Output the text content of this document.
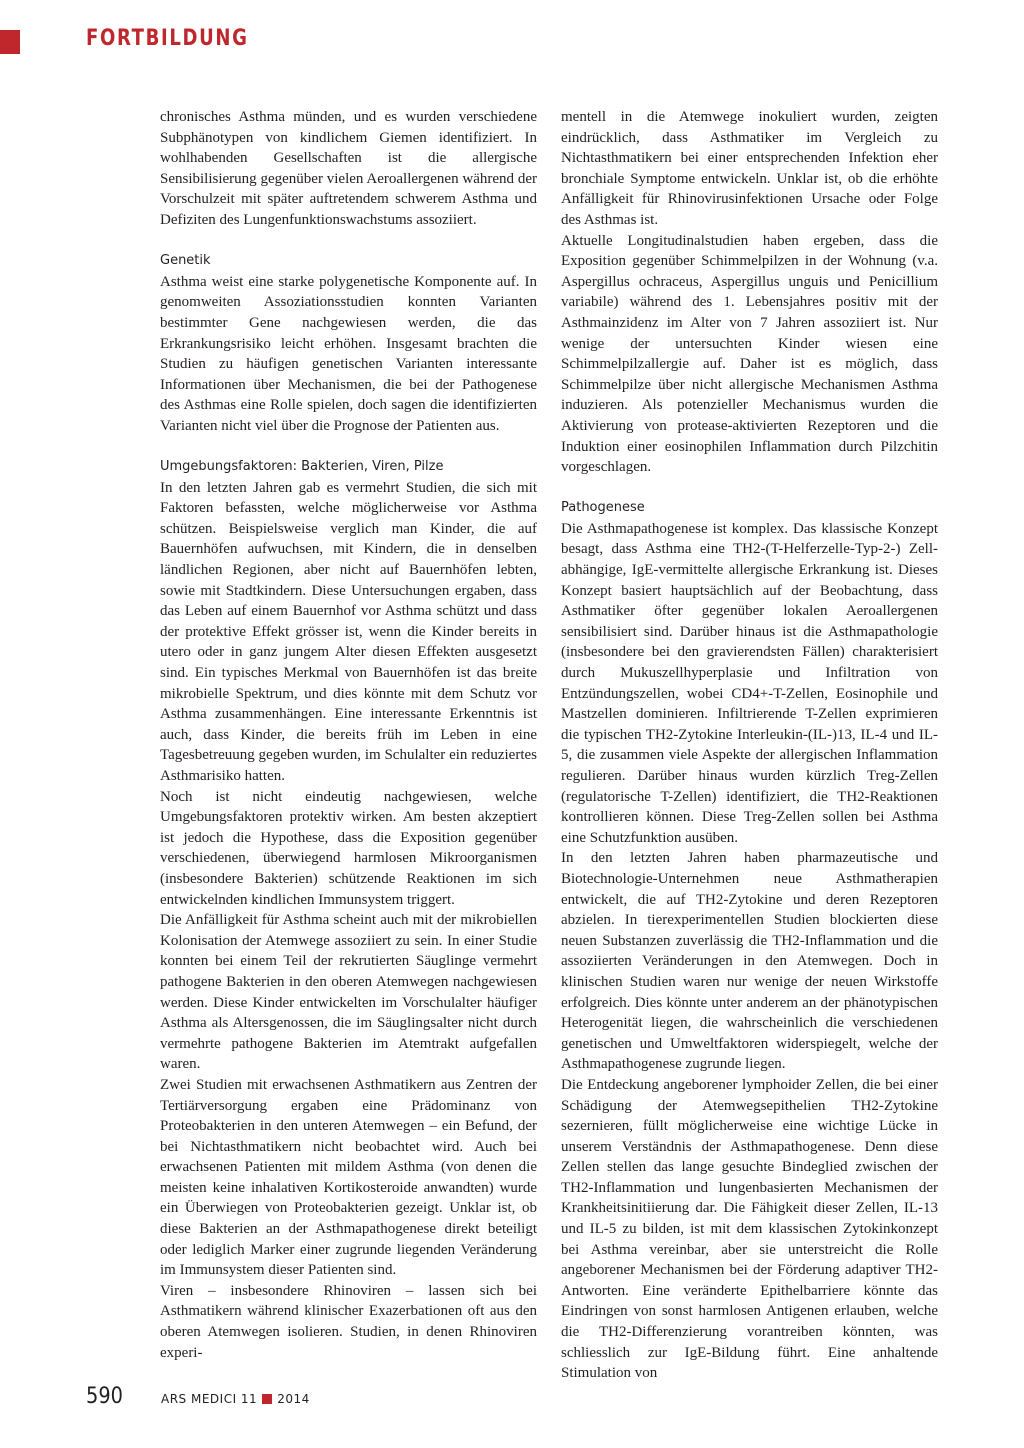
FORTBILDUNG

chronisches Asthma münden, und es wurden verschiedene Subphänotypen von kindlichem Giemen identifiziert. In wohlhabenden Gesellschaften ist die allergische Sensibilisierung gegenüber vielen Aeroallergenen während der Vorschulzeit mit später auftretendem schwerem Asthma und Defiziten des Lungenfunktionswachstums assoziiert.

Genetik

Asthma weist eine starke polygenetische Komponente auf. In genomweiten Assoziationsstudien konnten Varianten bestimmter Gene nachgewiesen werden, die das Erkrankungsrisiko leicht erhöhen. Insgesamt brachten die Studien zu häufigen genetischen Varianten interessante Informationen über Mechanismen, die bei der Pathogenese des Asthmas eine Rolle spielen, doch sagen die identifizierten Varianten nicht viel über die Prognose der Patienten aus.

Umgebungsfaktoren: Bakterien, Viren, Pilze

In den letzten Jahren gab es vermehrt Studien, die sich mit Faktoren befassten, welche möglicherweise vor Asthma schützen. Beispielsweise verglich man Kinder, die auf Bauernhöfen aufwuchsen, mit Kindern, die in denselben ländlichen Regionen, aber nicht auf Bauernhöfen lebten, sowie mit Stadtkindern. Diese Untersuchungen ergaben, dass das Leben auf einem Bauernhof vor Asthma schützt und dass der protektive Effekt grösser ist, wenn die Kinder bereits in utero oder in ganz jungem Alter diesen Effekten ausgesetzt sind. Ein typisches Merkmal von Bauernhöfen ist das breite mikrobielle Spektrum, und dies könnte mit dem Schutz vor Asthma zusammenhängen. Eine interessante Erkenntnis ist auch, dass Kinder, die bereits früh im Leben in eine Tagesbetreuung gegeben wurden, im Schulalter ein reduziertes Asthmarisiko hatten.

Noch ist nicht eindeutig nachgewiesen, welche Umgebungsfaktoren protektiv wirken. Am besten akzeptiert ist jedoch die Hypothese, dass die Exposition gegenüber verschiedenen, überwiegend harmlosen Mikroorganismen (insbesondere Bakterien) schützende Reaktionen im sich entwickelnden kindlichen Immunsystem triggert.

Die Anfälligkeit für Asthma scheint auch mit der mikrobiellen Kolonisation der Atemwege assoziiert zu sein. In einer Studie konnten bei einem Teil der rekrutierten Säuglinge vermehrt pathogene Bakterien in den oberen Atemwegen nachgewiesen werden. Diese Kinder entwickelten im Vorschulalter häufiger Asthma als Altersgenossen, die im Säuglingsalter nicht durch vermehrte pathogene Bakterien im Atemtrakt aufgefallen waren.

Zwei Studien mit erwachsenen Asthmatikern aus Zentren der Tertiärversorgung ergaben eine Prädominanz von Proteobakterien in den unteren Atemwegen – ein Befund, der bei Nichtasthmatikern nicht beobachtet wird. Auch bei erwachsenen Patienten mit mildem Asthma (von denen die meisten keine inhalativen Kortikosteroide anwandten) wurde ein Überwiegen von Proteobakterien gezeigt. Unklar ist, ob diese Bakterien an der Asthmapathogenese direkt beteiligt oder lediglich Marker einer zugrunde liegenden Veränderung im Immunsystem dieser Patienten sind.

Viren – insbesondere Rhinoviren – lassen sich bei Asthmatikern während klinischer Exazerbationen oft aus den oberen Atemwegen isolieren. Studien, in denen Rhinoviren experi-

mentell in die Atemwege inokuliert wurden, zeigten eindrücklich, dass Asthmatiker im Vergleich zu Nichtasthmatikern bei einer entsprechenden Infektion eher bronchiale Symptome entwickeln. Unklar ist, ob die erhöhte Anfälligkeit für Rhinovirusinfektionen Ursache oder Folge des Asthmas ist.

Aktuelle Longitudinalstudien haben ergeben, dass die Exposition gegenüber Schimmelpilzen in der Wohnung (v.a. Aspergillus ochraceus, Aspergillus unguis und Penicillium variabile) während des 1. Lebensjahres positiv mit der Asthmainzidenz im Alter von 7 Jahren assoziiert ist. Nur wenige der untersuchten Kinder wiesen eine Schimmelpilzallergie auf. Daher ist es möglich, dass Schimmelpilze über nicht allergische Mechanismen Asthma induzieren. Als potenzieller Mechanismus wurden die Aktivierung von protease-aktivierten Rezeptoren und die Induktion einer eosinophilen Inflammation durch Pilzchitin vorgeschlagen.

Pathogenese

Die Asthmapathogenese ist komplex. Das klassische Konzept besagt, dass Asthma eine TH2-(T-Helferzelle-Typ-2-) Zell-abhängige, IgE-vermittelte allergische Erkrankung ist. Dieses Konzept basiert hauptsächlich auf der Beobachtung, dass Asthmatiker öfter gegenüber lokalen Aeroallergenen sensibilisiert sind. Darüber hinaus ist die Asthmapathologie (insbesondere bei den gravierendsten Fällen) charakterisiert durch Mukuszellhyperplasie und Infiltration von Entzündungszellen, wobei CD4+-T-Zellen, Eosinophile und Mastzellen dominieren. Infiltrierende T-Zellen exprimieren die typischen TH2-Zytokine Interleukin-(IL-)13, IL-4 und IL-5, die zusammen viele Aspekte der allergischen Inflammation regulieren. Darüber hinaus wurden kürzlich Treg-Zellen (regulatorische T-Zellen) identifiziert, die TH2-Reaktionen kontrollieren können. Diese Treg-Zellen sollen bei Asthma eine Schutzfunktion ausüben.

In den letzten Jahren haben pharmazeutische und Biotechnologie-Unternehmen neue Asthmatherapien entwickelt, die auf TH2-Zytokine und deren Rezeptoren abzielen. In tierexperimentellen Studien blockierten diese neuen Substanzen zuverlässig die TH2-Inflammation und die assoziierten Veränderungen in den Atemwegen. Doch in klinischen Studien waren nur wenige der neuen Wirkstoffe erfolgreich. Dies könnte unter anderem an der phänotypischen Heterogenität liegen, die wahrscheinlich die verschiedenen genetischen und Umweltfaktoren widerspiegelt, welche der Asthmapathogenese zugrunde liegen.

Die Entdeckung angeborener lymphoider Zellen, die bei einer Schädigung der Atemwegsepithelien TH2-Zytokine sezernieren, füllt möglicherweise eine wichtige Lücke in unserem Verständnis der Asthmapathogenese. Denn diese Zellen stellen das lange gesuchte Bindeglied zwischen der TH2-Inflammation und lungenbasierten Mechanismen der Krankheitsinitiierung dar. Die Fähigkeit dieser Zellen, IL-13 und IL-5 zu bilden, ist mit dem klassischen Zytokinkonzept bei Asthma vereinbar, aber sie unterstreicht die Rolle angeborener Mechanismen bei der Förderung adaptiver TH2-Antworten. Eine veränderte Epithelbarriere könnte das Eindringen von sonst harmlosen Antigenen erlauben, welche die TH2-Differenzierung vorantreiben könnten, was schliesslich zur IgE-Bildung führt. Eine anhaltende Stimulation von

590	ARS MEDICI 11 2014
